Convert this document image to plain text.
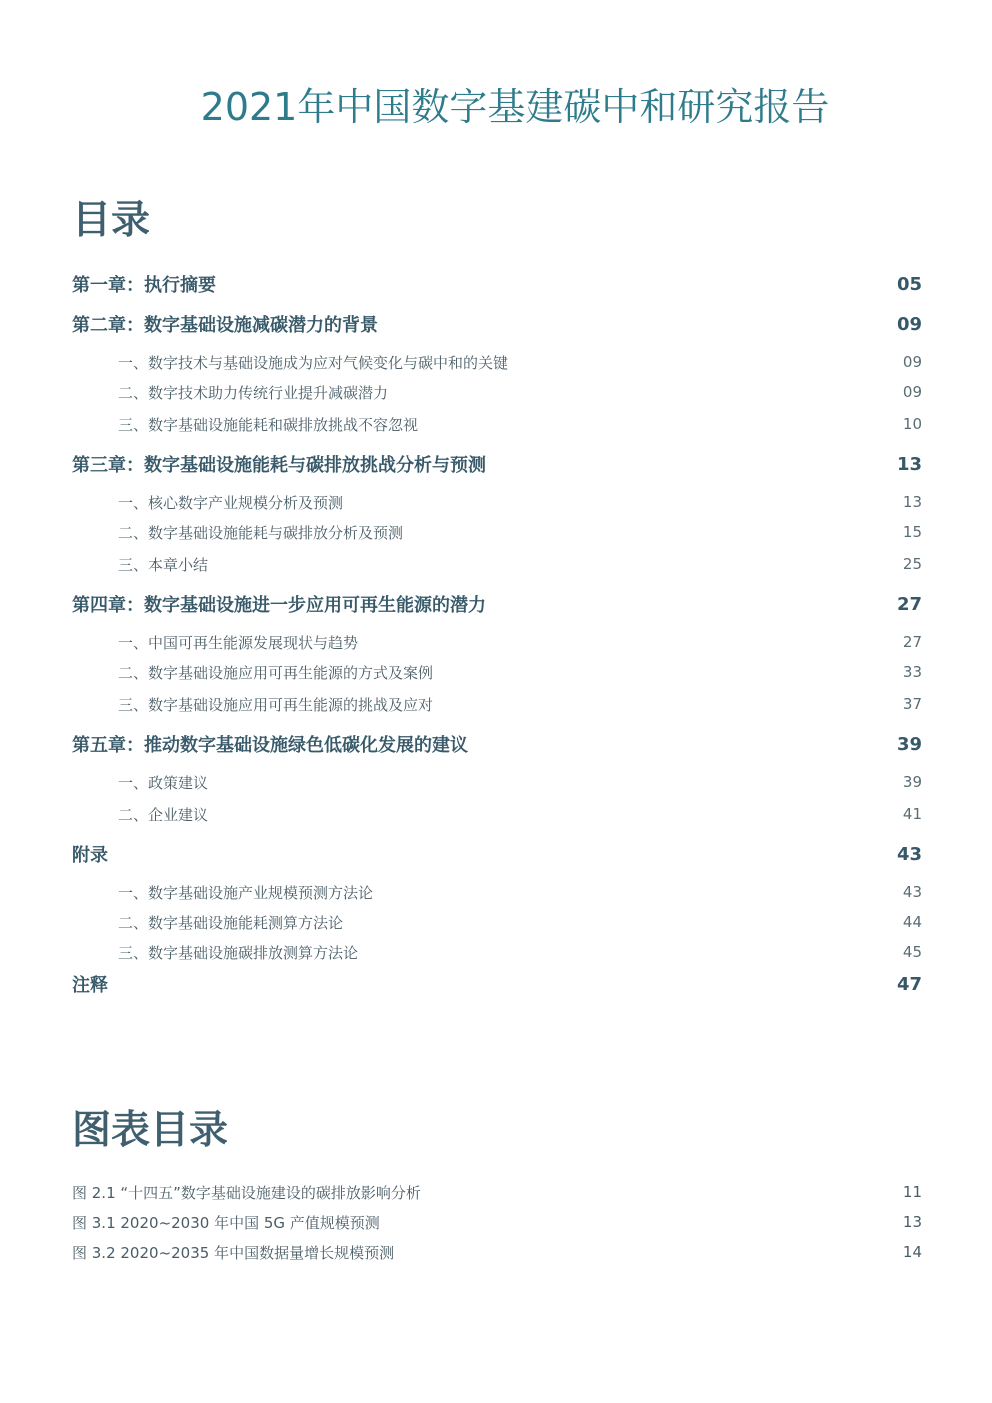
2021年中国数字基建碳中和研究报告
目录
第一章：执行摘要	05
第二章：数字基础设施减碳潜力的背景	09
一、数字技术与基础设施成为应对气候变化与碳中和的关键	09
二、数字技术助力传统行业提升减碳潜力	09
三、数字基础设施能耗和碳排放挑战不容忽视	10
第三章：数字基础设施能耗与碳排放挑战分析与预测	13
一、核心数字产业规模分析及预测	13
二、数字基础设施能耗与碳排放分析及预测	15
三、本章小结	25
第四章：数字基础设施进一步应用可再生能源的潜力	27
一、中国可再生能源发展现状与趋势	27
二、数字基础设施应用可再生能源的方式及案例	33
三、数字基础设施应用可再生能源的挑战及应对	37
第五章：推动数字基础设施绿色低碳化发展的建议	39
一、政策建议	39
二、企业建议	41
附录	43
一、数字基础设施产业规模预测方法论	43
二、数字基础设施能耗测算方法论	44
三、数字基础设施碳排放测算方法论	45
注释	47
图表目录
图 2.1 “十四五”数字基础设施建设的碳排放影响分析	11
图 3.1 2020~2030 年中国 5G 产值规模预测	13
图 3.2 2020~2035 年中国数据量增长规模预测	14
